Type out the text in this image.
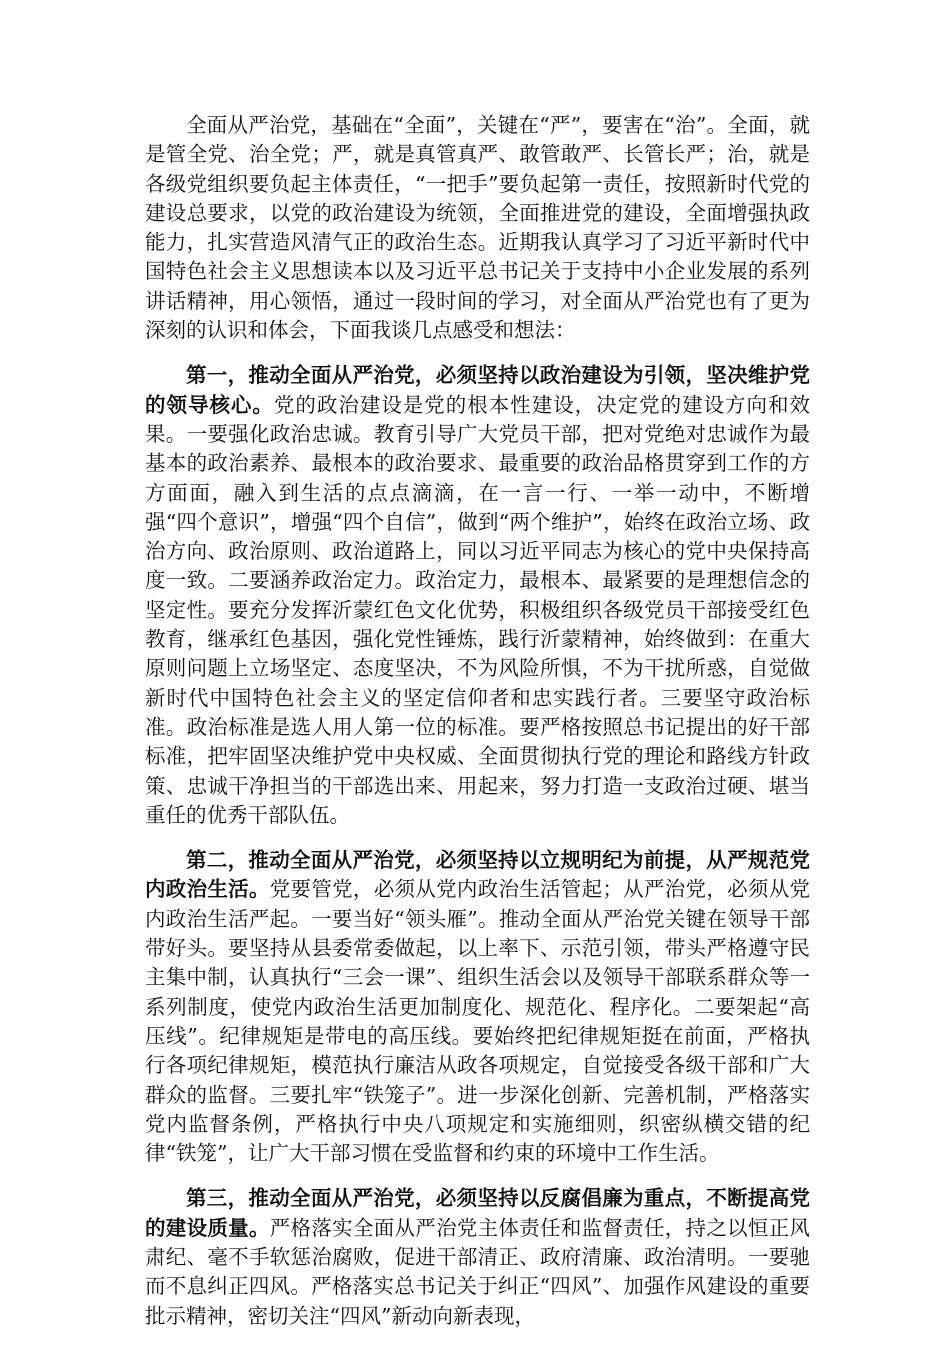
全面从严治党，基础在“全面”，关键在“严”，要害在“治”。全面，就是管全党、治全党；严，就是真管真严、敢管敢严、长管长严；治，就是各级党组织要负起主体责任，“一把手”要负起第一责任，按照新时代党的建设总要求，以党的政治建设为统领，全面推进党的建设，全面增强执政能力，扎实营造风清气正的政治生态。近期我认真学习了习近平新时代中国特色社会主义思想读本以及习近平总书记关于支持中小企业发展的系列讲话精神，用心领悟，通过一段时间的学习，对全面从严治党也有了更为深刻的认识和体会，下面我谈几点感受和想法：

第一，推动全面从严治党，必须坚持以政治建设为引领，坚决维护党的领导核心。党的政治建设是党的根本性建设，决定党的建设方向和效果。一要强化政治忠诚。教育引导广大党员干部，把对党绝对忠诚作为最基本的政治素养、最根本的政治要求、最重要的政治品格贯穿到工作的方方面面，融入到生活的点点滴滴，在一言一行、一举一动中，不断增强“四个意识”，增强“四个自信”，做到“两个维护”，始终在政治立场、政治方向、政治原则、政治道路上，同以习近平同志为核心的党中央保持高度一致。二要涵养政治定力。政治定力，最根本、最紧要的是理想信念的坚定性。要充分发挥沂蒙红色文化优势，积极组织各级党员干部接受红色教育，继承红色基因，强化党性锤炼，践行沂蒙精神，始终做到：在重大原则问题上立场坚定、态度坚决，不为风险所惧，不为干扰所惑，自觉做新时代中国特色社会主义的坚定信仰者和忠实践行者。三要坚守政治标准。政治标准是选人用人第一位的标准。要严格按照总书记提出的好干部标准，把牢固坚决维护党中央权威、全面贯彻执行党的理论和路线方针政策、忠诚干净担当的干部选出来、用起来，努力打造一支政治过硬、堪当重任的优秀干部队伍。

第二，推动全面从严治党，必须坚持以立规明纪为前提，从严规范党内政治生活。党要管党，必须从党内政治生活管起；从严治党，必须从党内政治生活严起。一要当好“领头雁”。推动全面从严治党关键在领导干部带好头。要坚持从县委常委做起，以上率下、示范引领，带头严格遵守民主集中制，认真执行“三会一课”、组织生活会以及领导干部联系群众等一系列制度，使党内政治生活更加制度化、规范化、程序化。二要架起“高压线”。纪律规矩是带电的高压线。要始终把纪律规矩挺在前面，严格执行各项纪律规矩，模范执行廉洁从政各项规定，自觉接受各级干部和广大群众的监督。三要扎牢“铁笼子”。进一步深化创新、完善机制，严格落实党内监督条例，严格执行中央八项规定和实施细则，织密纵横交错的纪律“铁笼”，让广大干部习惯在受监督和约束的环境中工作生活。

第三，推动全面从严治党，必须坚持以反腐倡廉为重点，不断提高党的建设质量。严格落实全面从严治党主体责任和监督责任，持之以恒正风肃纪、毫不手软惩治腐败，促进干部清正、政府清廉、政治清明。一要驰而不息纠正四风。严格落实总书记关于纠正“四风”、加强作风建设的重要批示精神，密切关注“四风”新动向新表现，
